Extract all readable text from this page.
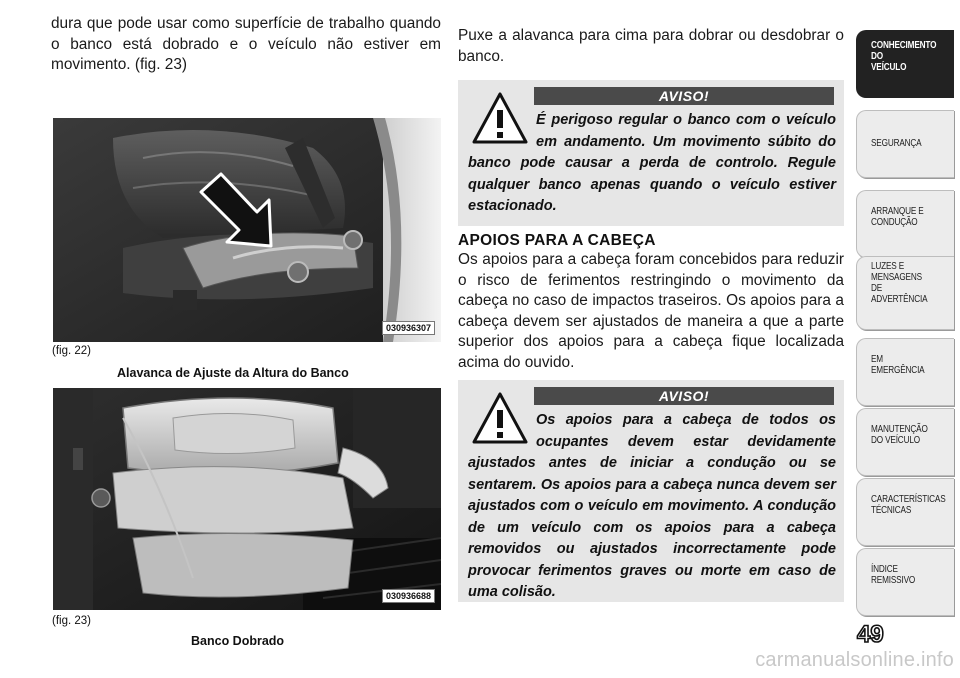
dura que pode usar como superfície de trabalho quando o banco está dobrado e o veículo não estiver em movimento. (fig. 23)

030936307
(fig. 22)
Alavanca de Ajuste da Altura do Banco
030936688
(fig. 23)
Banco Dobrado

Puxe a alavanca para cima para dobrar ou desdobrar o banco.

AVISO!

É perigoso regular o banco com o veículo em andamento. Um movimento súbito do banco pode causar a perda de controlo. Regule qualquer banco apenas quando o veículo estiver estacionado.

APOIOS PARA A CABEÇA

Os apoios para a cabeça foram concebidos para reduzir o risco de ferimentos restringindo o movimento da cabeça no caso de impactos traseiros. Os apoios para a cabeça devem ser ajustados de maneira a que a parte superior dos apoios para a cabeça fique localizada acima do ouvido.

AVISO!

Os apoios para a cabeça de todos os ocupantes devem estar devidamente ajustados antes de iniciar a condução ou se sentarem. Os apoios para a cabeça nunca devem ser ajustados com o veículo em movimento. A condução de um veículo com os apoios para a cabeça removidos ou ajustados incorrectamente pode provocar ferimentos graves ou morte em caso de uma colisão.

CONHECIMENTO
DO
VEÍCULO
SEGURANÇA
ARRANQUE E
CONDUÇÃO
LUZES E
MENSAGENS
DE
ADVERTÊNCIA
EM
EMERGÊNCIA
MANUTENÇÃO
DO VEÍCULO
CARACTERÍSTICAS
TÉCNICAS
ÍNDICE
REMISSIVO
49
carmanualsonline.info
